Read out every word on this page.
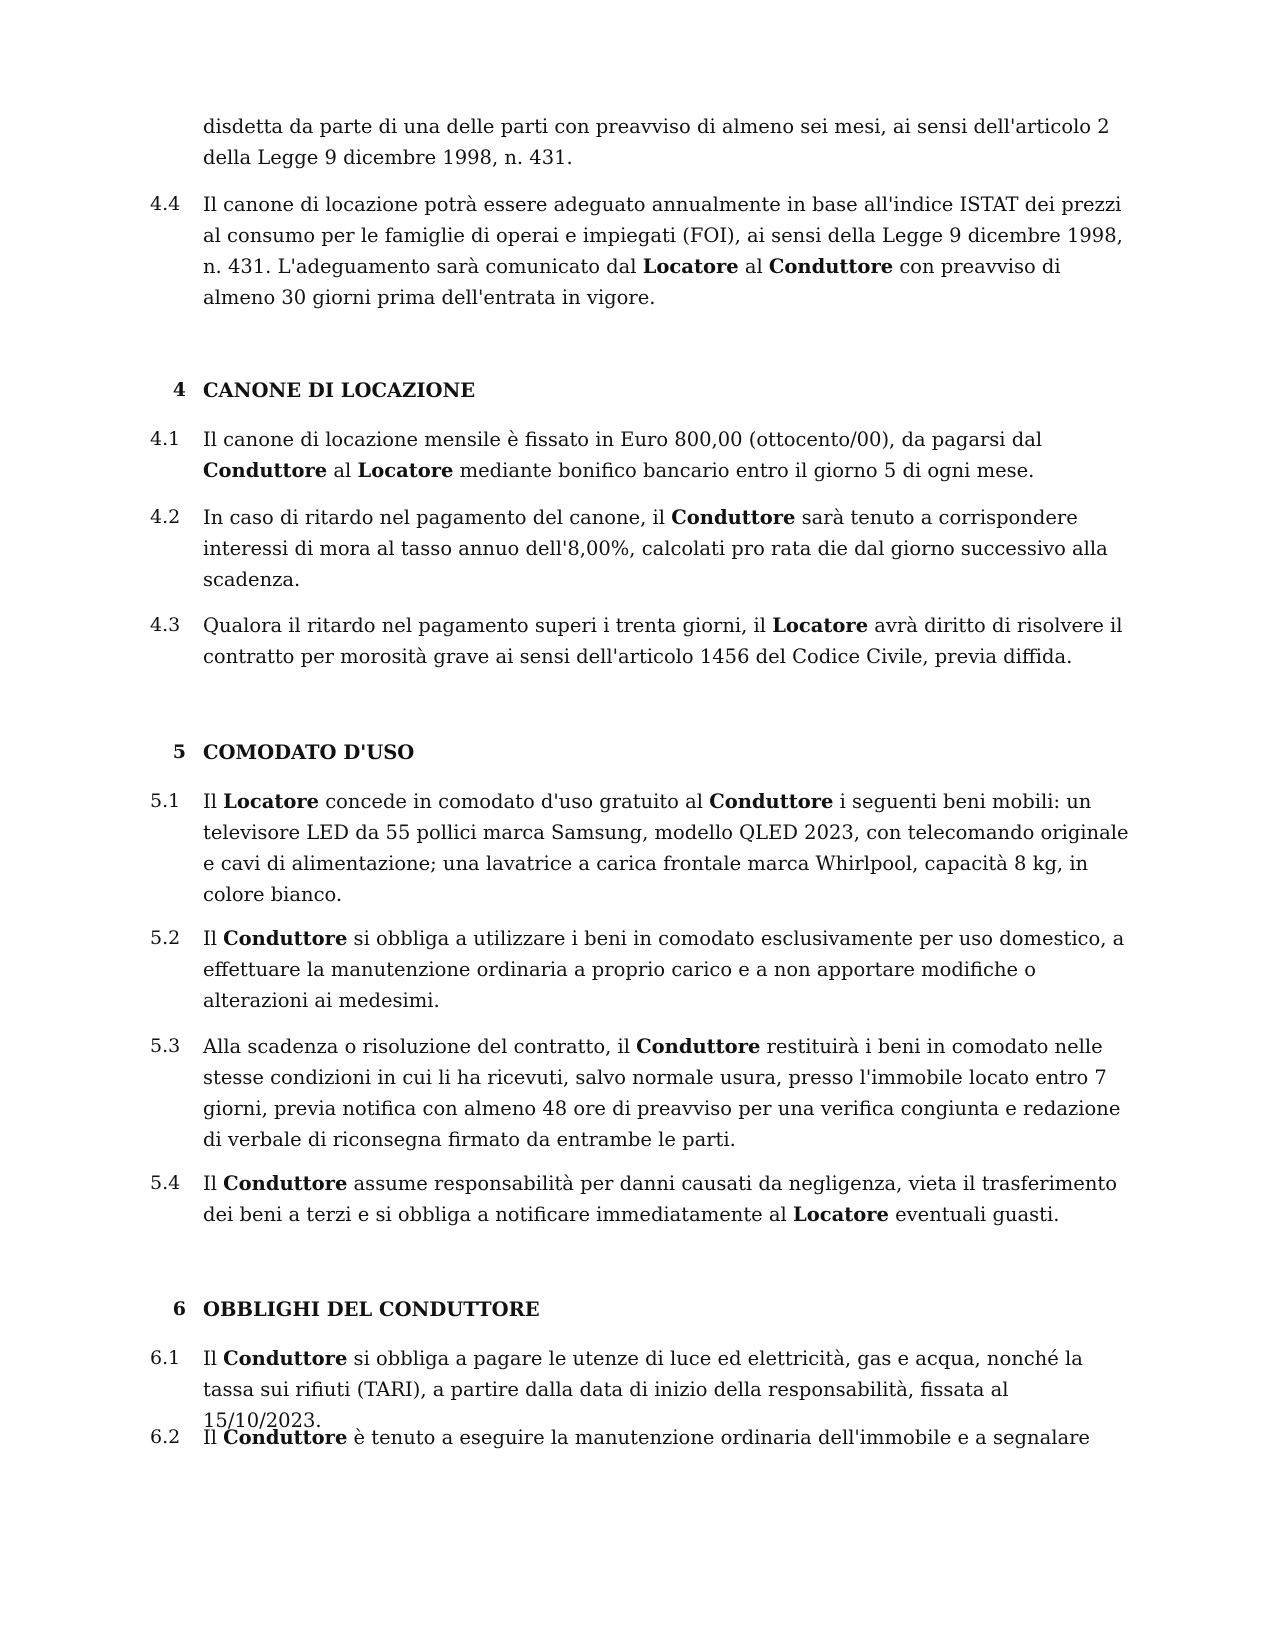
disdetta da parte di una delle parti con preavviso di almeno sei mesi, ai sensi dell'articolo 2 della Legge 9 dicembre 1998, n. 431.
4.4	Il canone di locazione potrà essere adeguato annualmente in base all'indice ISTAT dei prezzi al consumo per le famiglie di operai e impiegati (FOI), ai sensi della Legge 9 dicembre 1998, n. 431. L'adeguamento sarà comunicato dal Locatore al Conduttore con preavviso di almeno 30 giorni prima dell'entrata in vigore.
4 CANONE DI LOCAZIONE
4.1	Il canone di locazione mensile è fissato in Euro 800,00 (ottocento/00), da pagarsi dal Conduttore al Locatore mediante bonifico bancario entro il giorno 5 di ogni mese.
4.2	In caso di ritardo nel pagamento del canone, il Conduttore sarà tenuto a corrispondere interessi di mora al tasso annuo dell'8,00%, calcolati pro rata die dal giorno successivo alla scadenza.
4.3	Qualora il ritardo nel pagamento superi i trenta giorni, il Locatore avrà diritto di risolvere il contratto per morosità grave ai sensi dell'articolo 1456 del Codice Civile, previa diffida.
5 COMODATO D'USO
5.1	Il Locatore concede in comodato d'uso gratuito al Conduttore i seguenti beni mobili: un televisore LED da 55 pollici marca Samsung, modello QLED 2023, con telecomando originale e cavi di alimentazione; una lavatrice a carica frontale marca Whirlpool, capacità 8 kg, in colore bianco.
5.2	Il Conduttore si obbliga a utilizzare i beni in comodato esclusivamente per uso domestico, a effettuare la manutenzione ordinaria a proprio carico e a non apportare modifiche o alterazioni ai medesimi.
5.3	Alla scadenza o risoluzione del contratto, il Conduttore restituirà i beni in comodato nelle stesse condizioni in cui li ha ricevuti, salvo normale usura, presso l'immobile locato entro 7 giorni, previa notifica con almeno 48 ore di preavviso per una verifica congiunta e redazione di verbale di riconsegna firmato da entrambe le parti.
5.4	Il Conduttore assume responsabilità per danni causati da negligenza, vieta il trasferimento dei beni a terzi e si obbliga a notificare immediatamente al Locatore eventuali guasti.
6 OBBLIGHI DEL CONDUTTORE
6.1	Il Conduttore si obbliga a pagare le utenze di luce ed elettricità, gas e acqua, nonché la tassa sui rifiuti (TARI), a partire dalla data di inizio della responsabilità, fissata al 15/10/2023.
6.2	Il Conduttore è tenuto a eseguire la manutenzione ordinaria dell'immobile e a segnalare
